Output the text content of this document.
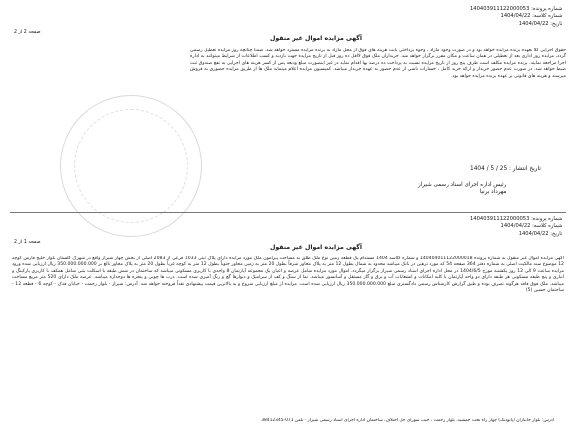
شماره پرونده: 140403911122000053
شماره کلاسه: 1404/04/22
تاریخ: 1404/04/22
صفحه 2 از 2
آگهی مزایده اموال غیر منقول
حقوق اجرایی کلا بعهده برنده مزایده خواهد بود و در صورت وجود مازاد ، وجوه پرداختی بابت هزینه های فوق از محل مازاد به برنده مزایده مسترد خواهد شد. ضمناً چنانچه روز مزایده تعطیل رسمی گردد، مزایده روز اداری بعد از تعطیلی در همان ساعت و مکان مقرر برگزار خواهد شد. خریداران ملک فوق لااقل ده روز قبل از تاریخ مزایده جهت بازدید و کسب اطلاعات از شرایط میتوانند به اداره اجرا مراجعه نمایند. برنده مزایده مکلف است ظرف پنج روز از تاریخ مزایده نسبت به پرداخت ده درصد بها اقدام نماید در غیر اینصورت مبلغ ودیعه پس از کسر هزینه های اجرایی به نفع صندوق ثبت ضبط خواهد شد. در صورت عدم حضور خریدار و ارائه خرید کامل ، خسارات ناشی از عدم حضور به عهده خریدار میباشد. کمیسیون مزایده اعلام مینماید ملک ها از طریق مزایده حضوری به فروش میرسند و هزینه های قانونی بر عهده برنده مزایده خواهد بود.
تاریخ انتشار : 25 / 5 / 1404
رئیس اداره اجرای اسناد رسمی شیراز
مهرداد برنیا
شماره پرونده: 140403911122000053
شماره کلاسه: 1404/04/22
تاریخ: 1404/04/22
صفحه 1 از 2
آگهی مزایده اموال غیر منقول
آگهی مزایده اموال غیر منقول به شماره پرونده 140404011122000018 و شماره کلاسه 1404 مستدام یک قطعه زمین نوع ملک طلق به مساحت پیرامون ملک مورد مزایده دارای پلاک ثبتی 1033 فرعی از 2083 اصلی از بخش چهار شیراز واقع در شهرک گلستان بلوار خلیج فارس کوچه 12 موضوع سند مالکیت اصلی به شماره دفتر 364 صفحه 54 که مورد ترهین در بانک میباشد محدود به شمال بطول 12 متر به پلاک مجاور شرقاً بطول 20 متر به زمین مجاور جنوباً بطول 12 متر به کوچه غرباً بطول 20 متر به پلاک مجاور بالغ بر 350.000.000.000 ریال ارزیابی شده ورود مزایده ساعت 9 الی 12 روز یکشنبه مورخ 1404/6/5 در محل اداره اجرای اسناد رسمی شیراز برگزار میگردد. اموال مورد مزایده شامل عرصه و اعیان یک مجموعه آپارتمان 8 واحدی با کاربری مسکونی میباشد که ساختمان در شش طبقه با اسکلت بتنی شامل همکف با کاربری پارکینگ و انباری و پنج طبقه مسکونی هر طبقه دارای دو واحد آپارتمان با کلیه امکانات و انشعابات آب و برق و گاز مستقل و آسانسور میباشد. نما از سنگ و کف از سرامیک و دیوارها گچ و رنگ آمیزی شده است. درب ها چوبی و پنجره ها دوجداره میباشد. عرصه ملک دارای 520 متر مربع مساحت میباشد. ملک فوق فاقد هرگونه تصرف بوده و طبق گزارش کارشناس رسمی دادگستری مبلغ 350.000.000.000 ریال ارزیابی شده است. مزایده از مبلغ ارزیابی شروع و به بالاترین قیمت پیشنهادی نقداً فروخته خواهد شد. آدرس: شیراز - بلوار رحمت - خیابان فدک - کوچه 6 - قطعه 12 - ساختمان حسین (5)
آدرس: بلوار جانبازان (پاتودنگ) چهار راه تخت جمشید، بلوار رحمت ، جنب شورای حل اختلاف، ساختمان اداره اجرای اسناد رسمی شیراز - تلفن 071-38412345
